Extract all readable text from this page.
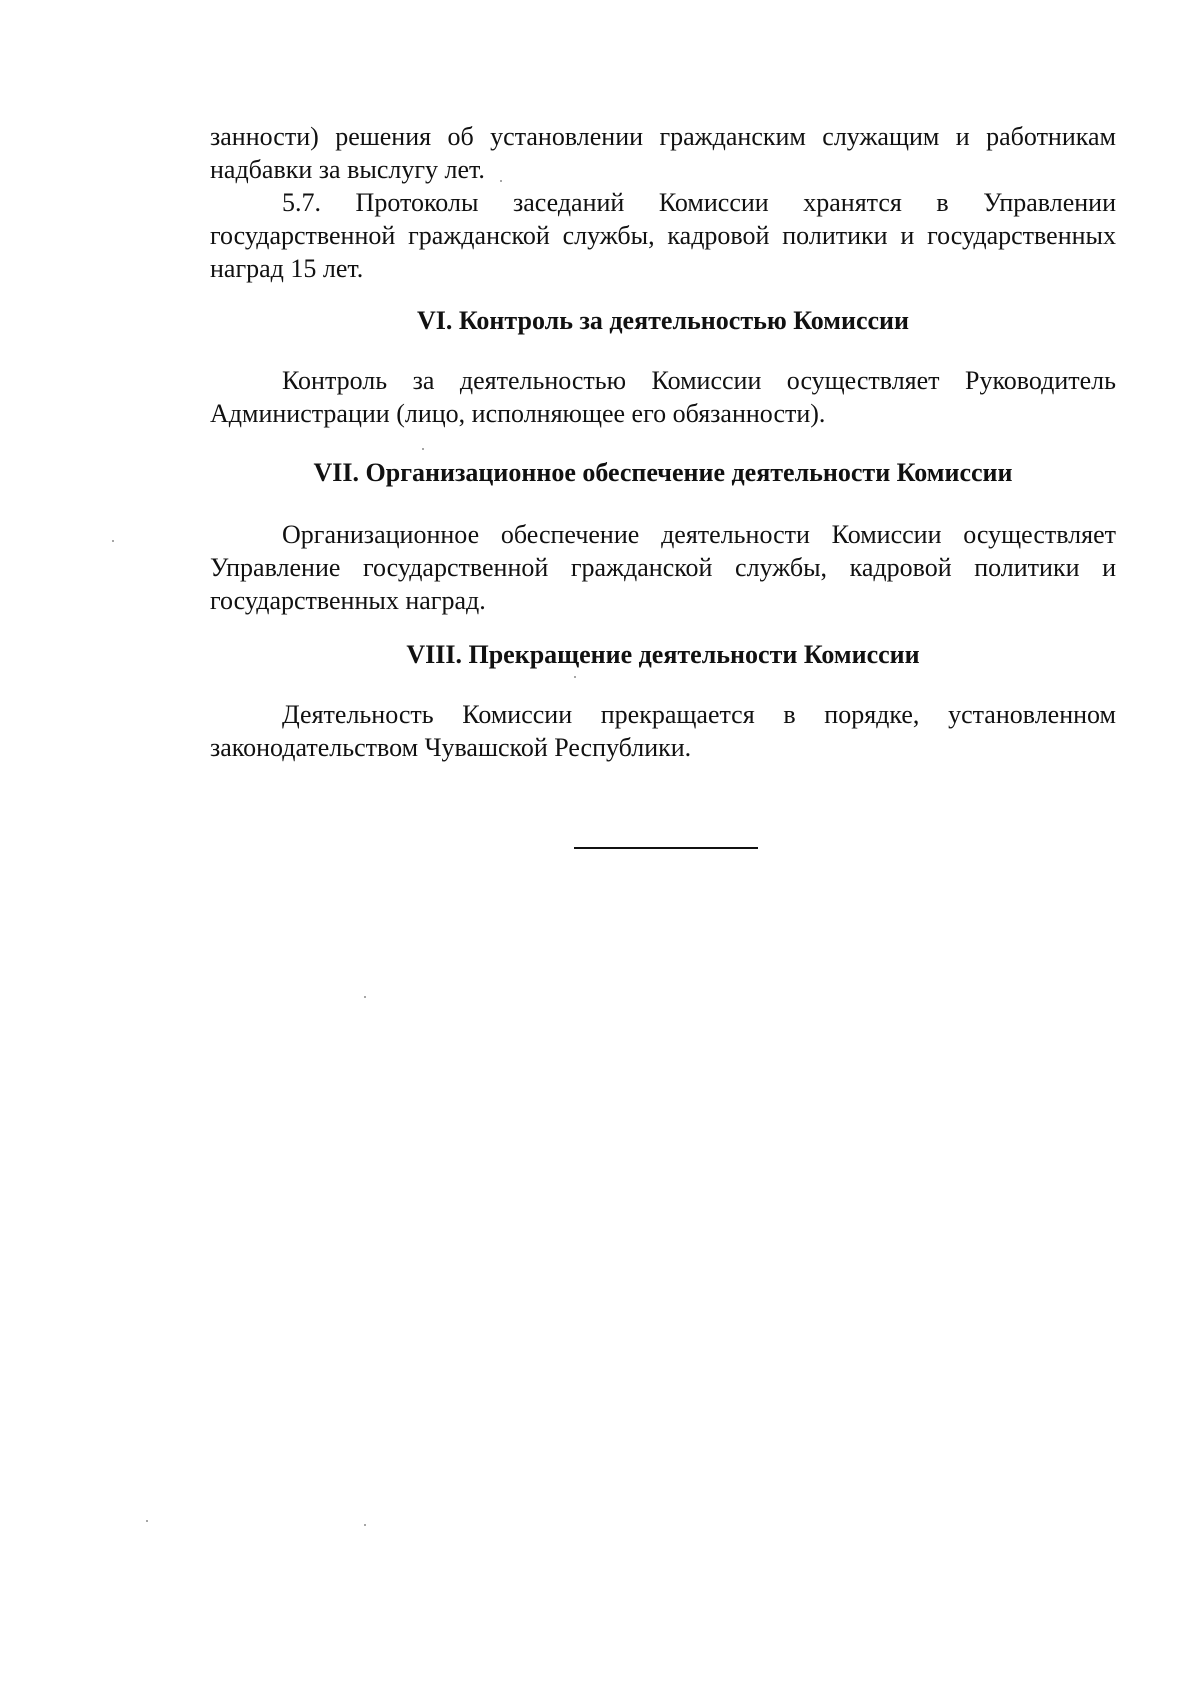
занности) решения об установлении гражданским служащим и работникам надбавки за выслугу лет.

5.7. Протоколы заседаний Комиссии хранятся в Управлении государственной гражданской службы, кадровой политики и государственных наград 15 лет.

VI. Контроль за деятельностью Комиссии

Контроль за деятельностью Комиссии осуществляет Руководитель Администрации (лицо, исполняющее его обязанности).

VII. Организационное обеспечение деятельности Комиссии

Организационное обеспечение деятельности Комиссии осуществляет Управление государственной гражданской службы, кадровой политики и государственных наград.

VIII. Прекращение деятельности Комиссии

Деятельность Комиссии прекращается в порядке, установленном законодательством Чувашской Республики.
